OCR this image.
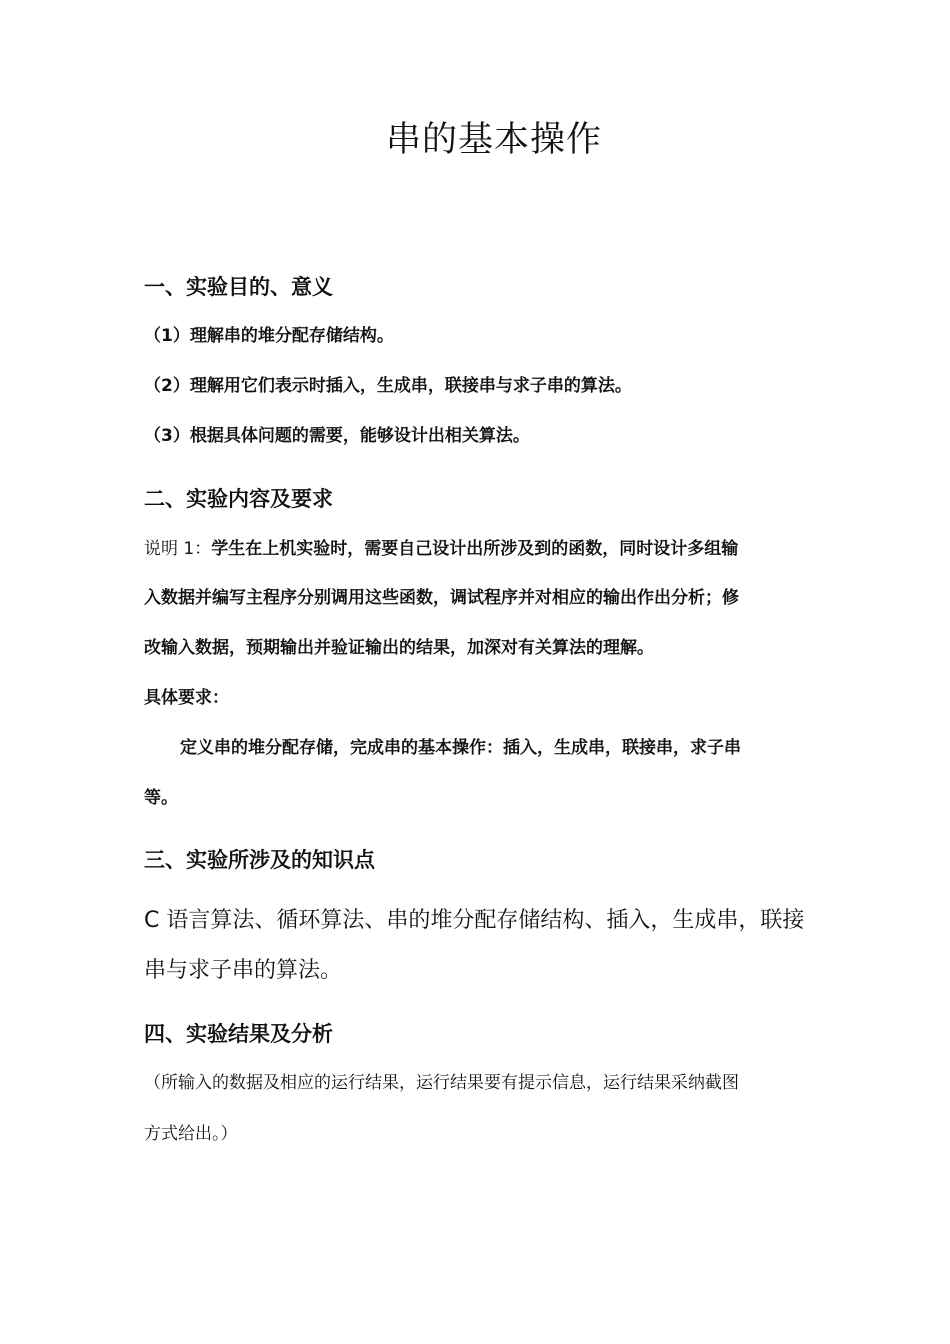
串的基本操作
一、实验目的、意义
（1）理解串的堆分配存储结构。
（2）理解用它们表示时插入，生成串，联接串与求子串的算法。
（3）根据具体问题的需要，能够设计出相关算法。
二、实验内容及要求
说明 1：学生在上机实验时，需要自己设计出所涉及到的函数，同时设计多组输
入数据并编写主程序分别调用这些函数，调试程序并对相应的输出作出分析；修
改输入数据，预期输出并验证输出的结果，加深对有关算法的理解。
具体要求：
定义串的堆分配存储，完成串的基本操作：插入，生成串，联接串，求子串
等。
三、实验所涉及的知识点
C 语言算法、循环算法、串的堆分配存储结构、插入，生成串，联接
串与求子串的算法。
四、实验结果及分析
（所输入的数据及相应的运行结果，运行结果要有提示信息，运行结果采纳截图
方式给出。）
